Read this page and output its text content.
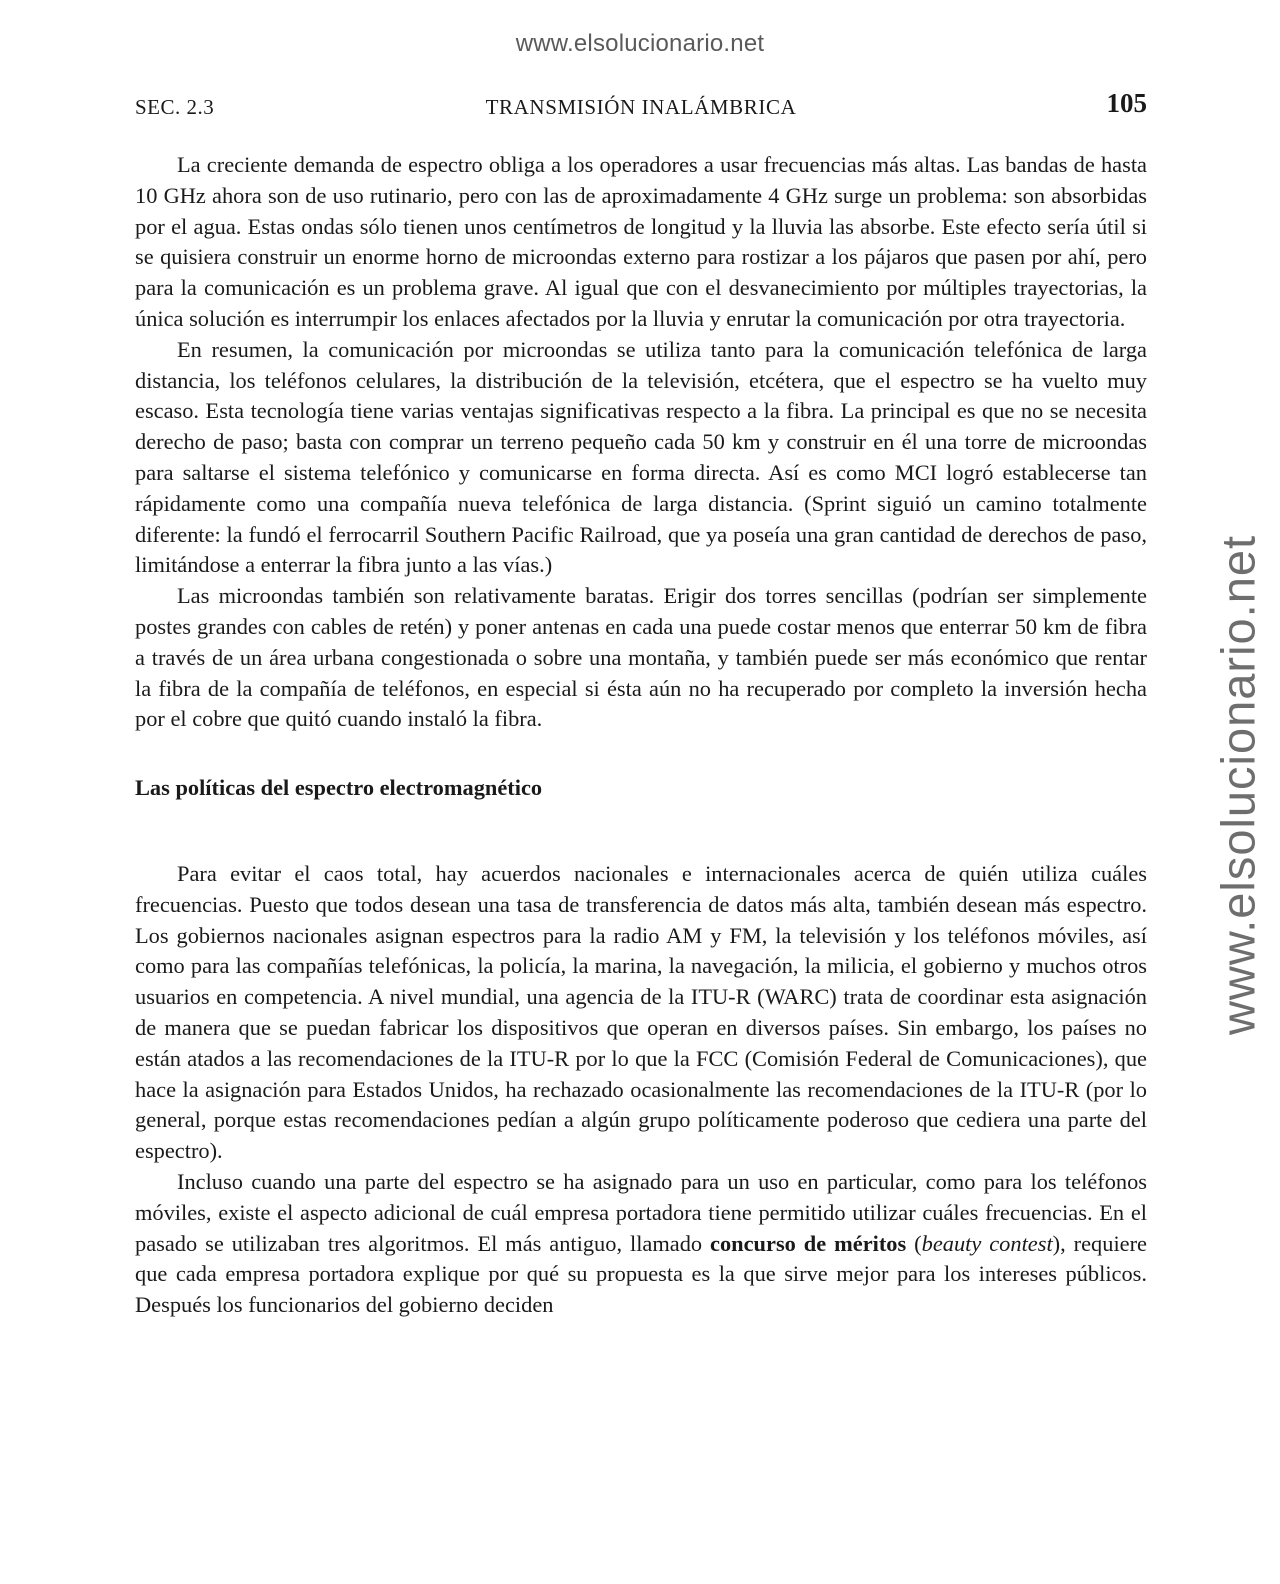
www.elsolucionario.net
www.elsolucionario.net
SEC. 2.3	TRANSMISIÓN INALÁMBRICA	105

La creciente demanda de espectro obliga a los operadores a usar frecuencias más altas. Las bandas de hasta 10 GHz ahora son de uso rutinario, pero con las de aproximadamente 4 GHz surge un problema: son absorbidas por el agua. Estas ondas sólo tienen unos centímetros de longitud y la lluvia las absorbe. Este efecto sería útil si se quisiera construir un enorme horno de microondas externo para rostizar a los pájaros que pasen por ahí, pero para la comunicación es un problema grave. Al igual que con el desvanecimiento por múltiples trayectorias, la única solución es interrumpir los enlaces afectados por la lluvia y enrutar la comunicación por otra trayectoria.

En resumen, la comunicación por microondas se utiliza tanto para la comunicación telefónica de larga distancia, los teléfonos celulares, la distribución de la televisión, etcétera, que el espectro se ha vuelto muy escaso. Esta tecnología tiene varias ventajas significativas respecto a la fibra. La principal es que no se necesita derecho de paso; basta con comprar un terreno pequeño cada 50 km y construir en él una torre de microondas para saltarse el sistema telefónico y comunicarse en forma directa. Así es como MCI logró establecerse tan rápidamente como una compañía nueva telefónica de larga distancia. (Sprint siguió un camino totalmente diferente: la fundó el ferrocarril Southern Pacific Railroad, que ya poseía una gran cantidad de derechos de paso, limitándose a enterrar la fibra junto a las vías.)

Las microondas también son relativamente baratas. Erigir dos torres sencillas (podrían ser simplemente postes grandes con cables de retén) y poner antenas en cada una puede costar menos que enterrar 50 km de fibra a través de un área urbana congestionada o sobre una montaña, y también puede ser más económico que rentar la fibra de la compañía de teléfonos, en especial si ésta aún no ha recuperado por completo la inversión hecha por el cobre que quitó cuando instaló la fibra.

Las políticas del espectro electromagnético

Para evitar el caos total, hay acuerdos nacionales e internacionales acerca de quién utiliza cuáles frecuencias. Puesto que todos desean una tasa de transferencia de datos más alta, también desean más espectro. Los gobiernos nacionales asignan espectros para la radio AM y FM, la televisión y los teléfonos móviles, así como para las compañías telefónicas, la policía, la marina, la navegación, la milicia, el gobierno y muchos otros usuarios en competencia. A nivel mundial, una agencia de la ITU-R (WARC) trata de coordinar esta asignación de manera que se puedan fabricar los dispositivos que operan en diversos países. Sin embargo, los países no están atados a las recomendaciones de la ITU-R por lo que la FCC (Comisión Federal de Comunicaciones), que hace la asignación para Estados Unidos, ha rechazado ocasionalmente las recomendaciones de la ITU-R (por lo general, porque estas recomendaciones pedían a algún grupo políticamente poderoso que cediera una parte del espectro).

Incluso cuando una parte del espectro se ha asignado para un uso en particular, como para los teléfonos móviles, existe el aspecto adicional de cuál empresa portadora tiene permitido utilizar cuáles frecuencias. En el pasado se utilizaban tres algoritmos. El más antiguo, llamado concurso de méritos (beauty contest), requiere que cada empresa portadora explique por qué su propuesta es la que sirve mejor para los intereses públicos. Después los funcionarios del gobierno deciden
